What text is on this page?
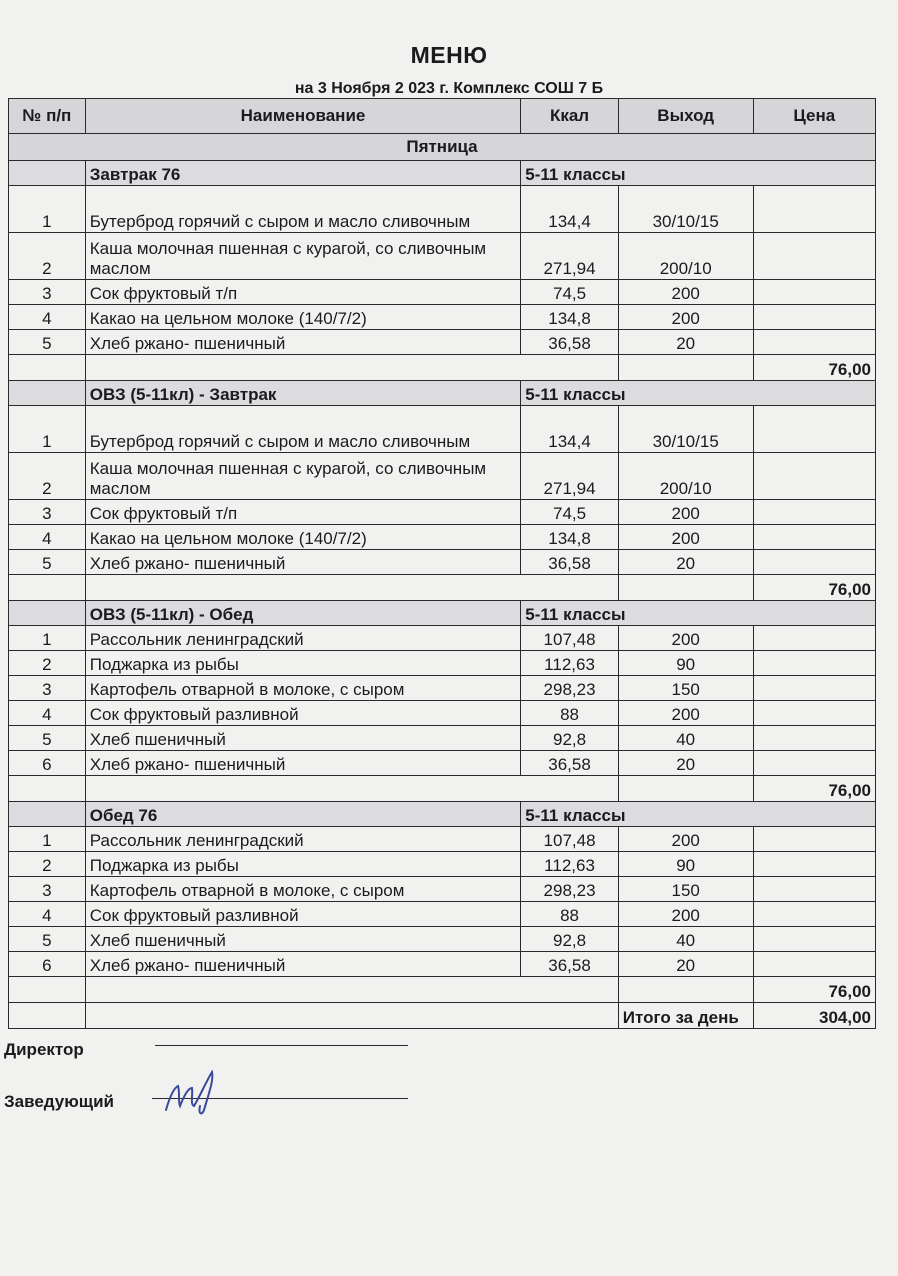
МЕНЮ
на 3 Ноября 2 023 г. Комплекс СОШ 7 Б
№ п/п	Наименование	Ккал	Выход	Цена
Пятница				
	Завтрак 76	5-11 классы		
1	Бутерброд горячий с сыром и масло сливочным	134,4	30/10/15	
2	Каша молочная пшенная с курагой, со сливочным маслом	271,94	200/10	
3	Сок фруктовый т/п	74,5	200	
4	Какао на цельном молоке (140/7/2)	134,8	200	
5	Хлеб ржано- пшеничный	36,58	20	
				76,00
	ОВЗ (5-11кл) - Завтрак	5-11 классы		
1	Бутерброд горячий с сыром и масло сливочным	134,4	30/10/15	
2	Каша молочная пшенная с курагой, со сливочным маслом	271,94	200/10	
3	Сок фруктовый т/п	74,5	200	
4	Какао на цельном молоке (140/7/2)	134,8	200	
5	Хлеб ржано- пшеничный	36,58	20	
				76,00
	ОВЗ (5-11кл) - Обед	5-11 классы		
1	Рассольник ленинградский	107,48	200	
2	Поджарка из рыбы	112,63	90	
3	Картофель отварной в молоке, с сыром	298,23	150	
4	Сок фруктовый разливной	88	200	
5	Хлеб пшеничный	92,8	40	
6	Хлеб ржано- пшеничный	36,58	20	
				76,00
	Обед 76	5-11 классы		
1	Рассольник ленинградский	107,48	200	
2	Поджарка из рыбы	112,63	90	
3	Картофель отварной в молоке, с сыром	298,23	150	
4	Сок фруктовый разливной	88	200	
5	Хлеб пшеничный	92,8	40	
6	Хлеб ржано- пшеничный	36,58	20	
				76,00
			Итого за день	304,00
Директор
Заведующий
